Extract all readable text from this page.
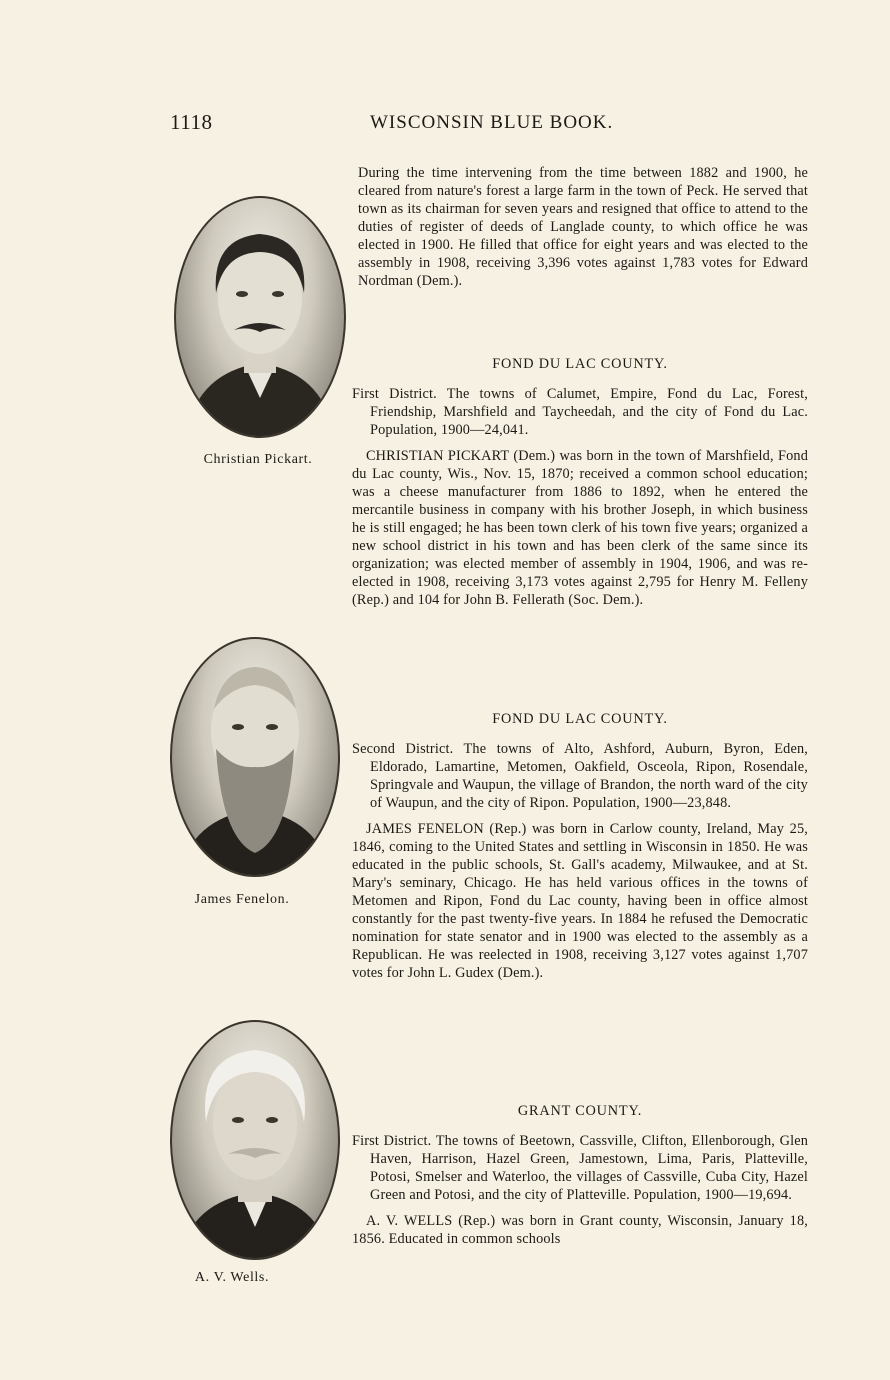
1118	WISCONSIN BLUE BOOK.
Christian Pickart.
James Fenelon.
A. V. Wells.

During the time intervening from the time between 1882 and 1900, he cleared from nature's forest a large farm in the town of Peck. He served that town as its chairman for seven years and resigned that office to attend to the duties of register of deeds of Langlade county, to which office he was elected in 1900. He filled that office for eight years and was elected to the assembly in 1908, receiving 3,396 votes against 1,783 votes for Edward Nordman (Dem.).

FOND DU LAC COUNTY.

First District. The towns of Calumet, Empire, Fond du Lac, Forest, Friendship, Marshfield and Taycheedah, and the city of Fond du Lac. Population, 1900—24,041.

CHRISTIAN PICKART (Dem.) was born in the town of Marshfield, Fond du Lac county, Wis., Nov. 15, 1870; received a common school education; was a cheese manufacturer from 1886 to 1892, when he entered the mercantile business in company with his brother Joseph, in which business he is still engaged; he has been town clerk of his town five years; organized a new school district in his town and has been clerk of the same since its organization; was elected member of assembly in 1904, 1906, and was re-elected in 1908, receiving 3,173 votes against 2,795 for Henry M. Felleny (Rep.) and 104 for John B. Fellerath (Soc. Dem.).

FOND DU LAC COUNTY.

Second District. The towns of Alto, Ashford, Auburn, Byron, Eden, Eldorado, Lamartine, Metomen, Oakfield, Osceola, Ripon, Rosendale, Springvale and Waupun, the village of Brandon, the north ward of the city of Waupun, and the city of Ripon. Population, 1900—23,848.

JAMES FENELON (Rep.) was born in Carlow county, Ireland, May 25, 1846, coming to the United States and settling in Wisconsin in 1850. He was educated in the public schools, St. Gall's academy, Milwaukee, and at St. Mary's seminary, Chicago. He has held various offices in the towns of Metomen and Ripon, Fond du Lac county, having been in office almost constantly for the past twenty-five years. In 1884 he refused the Democratic nomination for state senator and in 1900 was elected to the assembly as a Republican. He was reelected in 1908, receiving 3,127 votes against 1,707 votes for John L. Gudex (Dem.).

GRANT COUNTY.

First District. The towns of Beetown, Cassville, Clifton, Ellenborough, Glen Haven, Harrison, Hazel Green, Jamestown, Lima, Paris, Platteville, Potosi, Smelser and Waterloo, the villages of Cassville, Cuba City, Hazel Green and Potosi, and the city of Platteville. Population, 1900—19,694.

A. V. WELLS (Rep.) was born in Grant county, Wisconsin, January 18, 1856. Educated in common schools
